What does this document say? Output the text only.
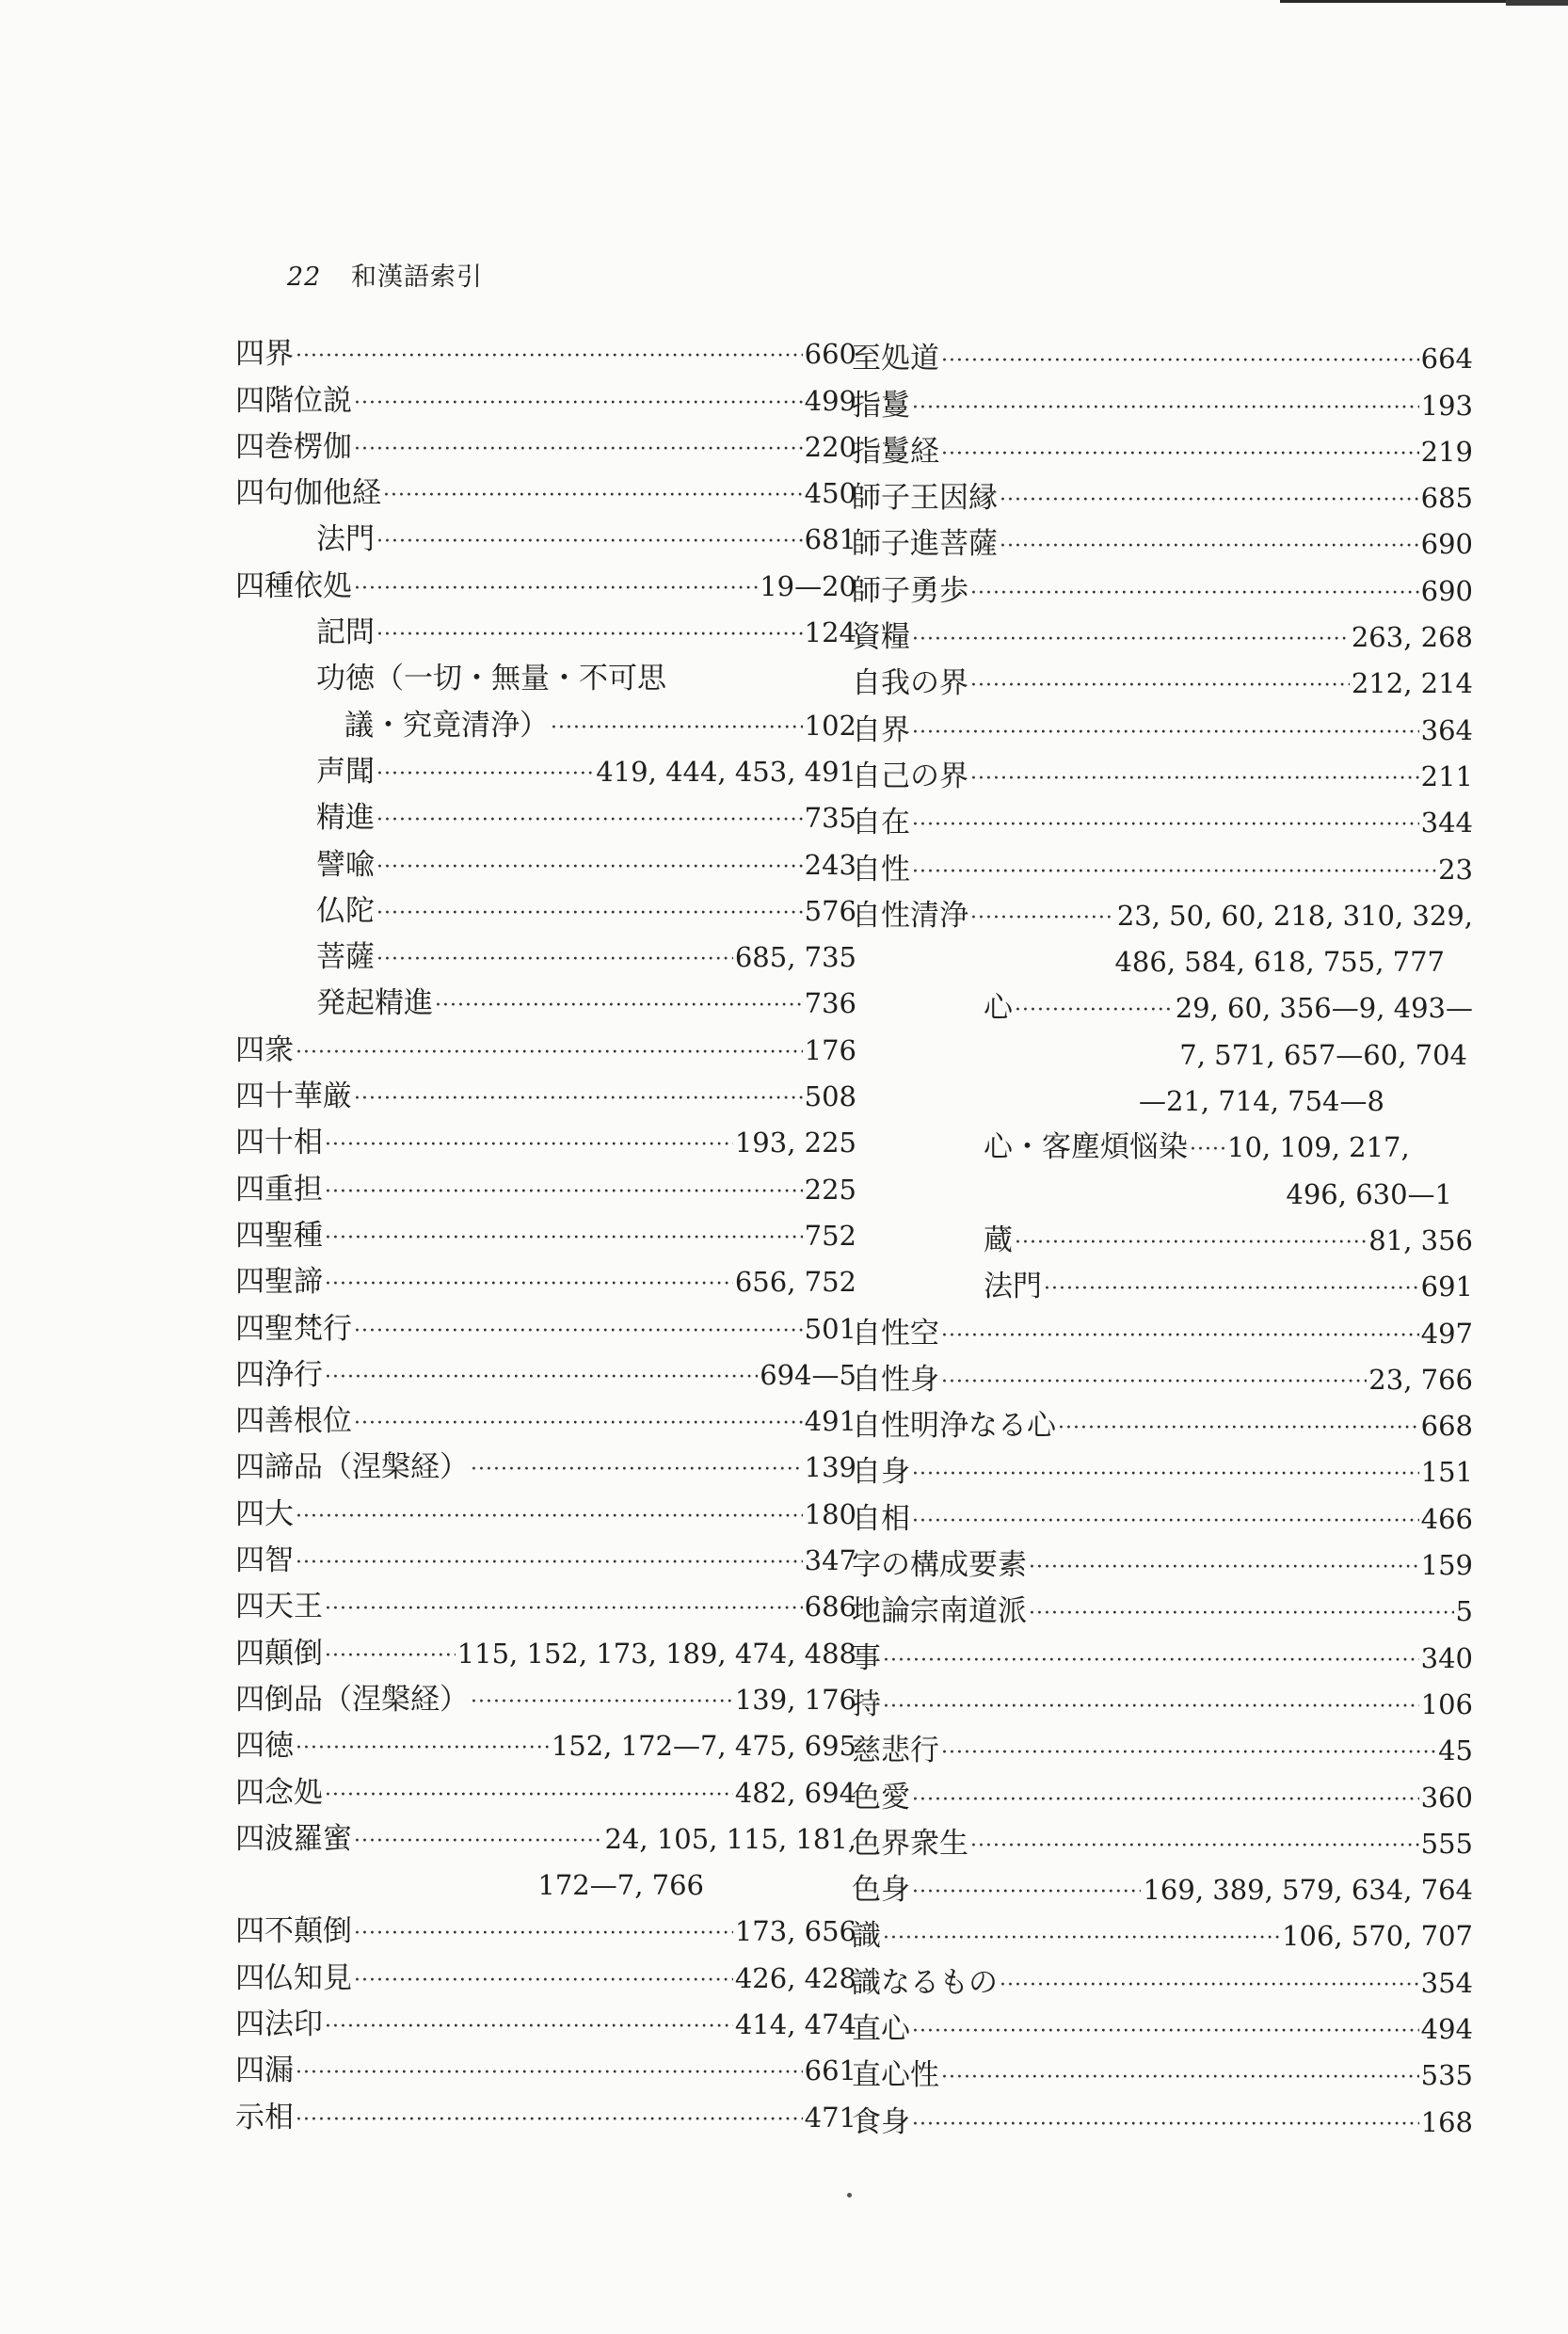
22 和漢語索引
四界 ·····	660
四階位説 ·····	499
四巻楞伽 ·····	220
四句伽他経 ·····	450
法門 ·····	681
四種依処 ·····	19—20
記問 ·····	124
功徳（一切・無量・不可思
議・究竟清浄） ·····	102
声聞 ·····	419, 444, 453, 491
精進 ·····	735
譬喩 ·····	243
仏陀 ·····	576
菩薩 ·····	685, 735
発起精進 ·····	736
四衆 ·····	176
四十華厳 ·····	508
四十相 ·····	193, 225
四重担 ·····	225
四聖種 ·····	752
四聖諦 ·····	656, 752
四聖梵行 ·····	501
四浄行 ·····	694—5
四善根位 ·····	491
四諦品（涅槃経） ·····	139
四大 ·····	180
四智 ·····	347
四天王 ·····	686
四顛倒 ·····	115, 152, 173, 189, 474, 488
四倒品（涅槃経） ·····	139, 176
四徳 ·····	152, 172—7, 475, 695
四念処 ·····	482, 694
四波羅蜜 ·····	24, 105, 115, 181,
172—7, 766
四不顛倒 ·····	173, 656
四仏知見 ·····	426, 428
四法印 ·····	414, 474
四漏 ·····	661
示相 ·····	471
至処道 ·····	664
指鬘 ·····	193
指鬘経 ·····	219
師子王因縁 ·····	685
師子進菩薩 ·····	690
師子勇歩 ·····	690
資糧 ·····	263, 268
自我の界 ·····	212, 214
自界 ·····	364
自己の界 ·····	211
自在 ·····	344
自性 ·····	23
自性清浄 ·····	23, 50, 60, 218, 310, 329,
486, 584, 618, 755, 777
心 ·····	29, 60, 356—9, 493—
7, 571, 657—60, 704
—21, 714, 754—8
心・客塵煩悩染 ····· 10, 109, 217,
496, 630—1
蔵 ·····	81, 356
法門 ·····	691
自性空 ·····	497
自性身 ·····	23, 766
自性明浄なる心 ·····	668
自身 ·····	151
自相 ·····	466
字の構成要素 ·····	159
地論宗南道派 ·····	5
事 ·····	340
持 ·····	106
慈悲行 ·····	45
色愛 ·····	360
色界衆生 ·····	555
色身 ·····	169, 389, 579, 634, 764
識 ·····	106, 570, 707
識なるもの ·····	354
直心 ·····	494
直心性 ·····	535
食身 ·····	168
